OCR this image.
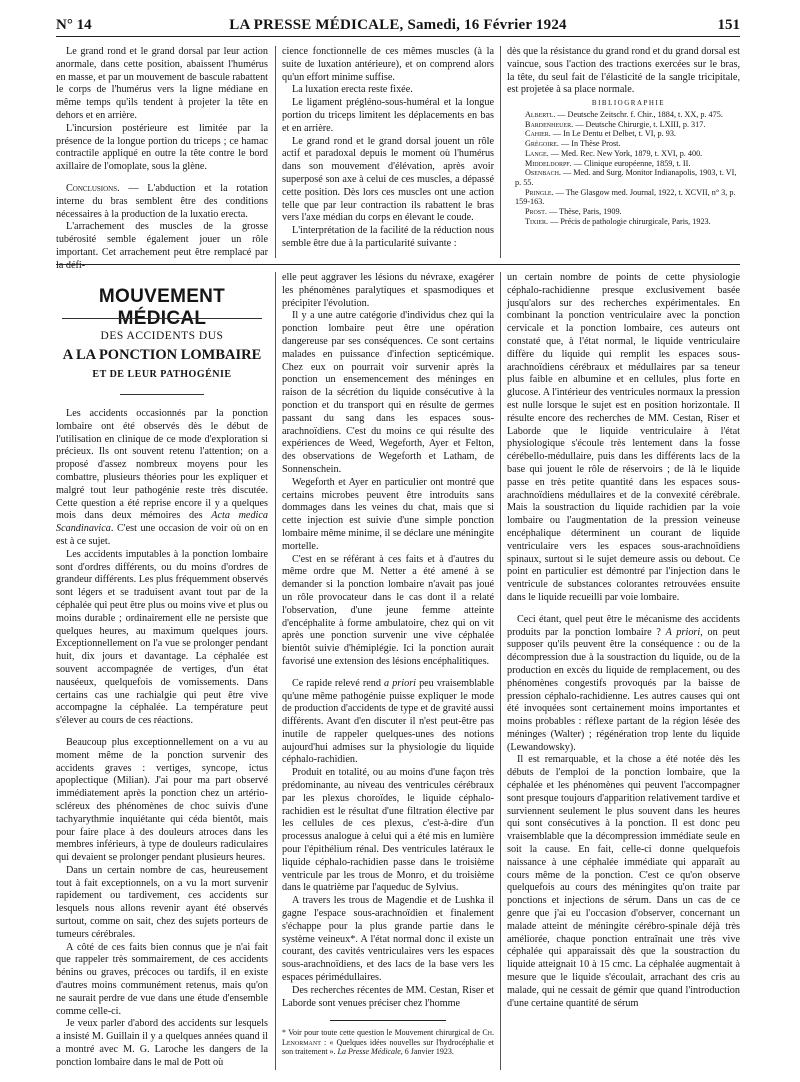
N° 14	LA PRESSE MÉDICALE, Samedi, 16 Février 1924	151

Le grand rond et le grand dorsal par leur action anormale, dans cette position, abaissent l'humérus en masse, et par un mouvement de bascule rabattent le corps de l'humérus vers la ligne médiane en même temps qu'ils tendent à projeter la tête en dehors et en arrière.

L'incursion postérieure est limitée par la présence de la longue portion du triceps ; ce hamac contractile appliqué en outre la tête contre le bord axillaire de l'omoplate, sous la glène.

Conclusions. — L'abduction et la rotation interne du bras semblent être des conditions nécessaires à la production de la luxatio erecta.

L'arrachement des muscles de la grosse tubérosité semble également jouer un rôle important. Cet arrachement peut être remplacé par la défi-

cience fonctionnelle de ces mêmes muscles (à la suite de luxation antérieure), et on comprend alors qu'un effort minime suffise.

La luxation erecta reste fixée.

Le ligament prégléno-sous-huméral et la longue portion du triceps limitent les déplacements en bas et en arrière.

Le grand rond et le grand dorsal jouent un rôle actif et paradoxal depuis le moment où l'humérus dans son mouvement d'élévation, après avoir superposé son axe à celui de ces muscles, a dépassé cette position. Dès lors ces muscles ont une action telle que par leur contraction ils rabattent le bras vers l'axe médian du corps en élevant le coude.

L'interprétation de la facilité de la réduction nous semble être due à la particularité suivante :

dès que la résistance du grand rond et du grand dorsal est vaincue, sous l'action des tractions exercées sur le bras, la tête, du seul fait de l'élasticité de la sangle tricipitale, est projetée à sa place normale.

BIBLIOGRAPHIE

Albertl. — Deutsche Zeitschr. f. Chir., 1884, t. XX, p. 475.

Bardenheuer. — Deutsche Chirurgie, t. LXIII, p. 317.

Cahier. — In Le Dentu et Delbet, t. VI, p. 93.

Grégoire. — In Thèse Prost.

Lange. — Med. Rec. New York, 1879, t. XVI, p. 400.

Middeldorpf. — Clinique européenne, 1859, t. II.

Osenbach. — Med. and Surg. Monitor Indianapolis, 1903, t. VI, p. 55.

Pringle. — The Glasgow med. Journal, 1922, t. XCVII, n° 3, p. 159-163.

Prost. — Thèse, Paris, 1909.

Tixier. — Précis de pathologie chirurgicale, Paris, 1923.

MOUVEMENT MÉDICAL
DES ACCIDENTS DUS
A LA PONCTION LOMBAIRE
ET DE LEUR PATHOGÉNIE

Les accidents occasionnés par la ponction lombaire ont été observés dès le début de l'utilisation en clinique de ce mode d'exploration si précieux. Ils ont souvent retenu l'attention; on a proposé d'assez nombreux moyens pour les combattre, plusieurs théories pour les expliquer et malgré tout leur pathogénie reste très discutée. Cette question a été reprise encore il y a quelques mois dans deux mémoires des Acta medica Scandinavica. C'est une occasion de voir où on en est à ce sujet.

Les accidents imputables à la ponction lombaire sont d'ordres différents, ou du moins d'ordres de grandeur différents. Les plus fréquemment observés sont légers et se traduisent avant tout par de la céphalée qui peut être plus ou moins vive et plus ou moins durable ; ordinairement elle ne persiste que quelques heures, au maximum quelques jours. Exceptionnellement on l'a vue se prolonger pendant huit, dix jours et davantage. La céphalée est souvent accompagnée de vertiges, d'un état nauséeux, quelquefois de vomissements. Dans certains cas une rachialgie qui peut être vive accompagne la céphalée. La température peut s'élever au cours de ces réactions.

Beaucoup plus exceptionnellement on a vu au moment même de la ponction survenir des accidents graves : vertiges, syncope, ictus apoplectique (Milian). J'ai pour ma part observé immédiatement après la ponction chez un artério-scléreux des phénomènes de choc suivis d'une tachyarythmie inquiétante qui céda bientôt, mais pour faire place à des douleurs atroces dans les membres inférieurs, à type de douleurs radiculaires qui devaient se prolonger pendant plusieurs heures.

Dans un certain nombre de cas, heureusement tout à fait exceptionnels, on a vu la mort survenir rapidement ou tardivement, ces accidents sur lesquels nous allons revenir ayant été observés surtout, comme on sait, chez des sujets porteurs de tumeurs cérébrales.

A côté de ces faits bien connus que je n'ai fait que rappeler très sommairement, de ces accidents bénins ou graves, précoces ou tardifs, il en existe d'autres moins communément retenus, mais qu'on ne saurait perdre de vue dans une étude d'ensemble comme celle-ci.

Je veux parler d'abord des accidents sur lesquels a insisté M. Guillain il y a quelques années quand il a montré avec M. G. Laroche les dangers de la ponction lombaire dans le mal de Pott où

elle peut aggraver les lésions du névraxe, exagérer les phénomènes paralytiques et spasmodiques et précipiter l'évolution.

Il y a une autre catégorie d'individus chez qui la ponction lombaire peut être une opération dangereuse par ses conséquences. Ce sont certains malades en puissance d'infection septicémique. Chez eux on pourrait voir survenir après la ponction un ensemencement des méninges en raison de la sécrétion du liquide consécutive à la ponction et du transport qui en résulte de germes passant du sang dans les espaces sous-arachnoïdiens. C'est du moins ce qui résulte des expériences de Weed, Wegeforth, Ayer et Felton, des observations de Wegeforth et Latham, de Sonnenschein.

Wegeforth et Ayer en particulier ont montré que certains microbes peuvent être introduits sans dommages dans les veines du chat, mais que si cette injection est suivie d'une simple ponction lombaire même minime, il se déclare une méningite mortelle.

C'est en se référant à ces faits et à d'autres du même ordre que M. Netter a été amené à se demander si la ponction lombaire n'avait pas joué un rôle provocateur dans le cas dont il a relaté l'observation, d'une jeune femme atteinte d'encéphalite à forme ambulatoire, chez qui on vit après une ponction survenir une vive céphalée bientôt suivie d'hémiplégie. Ici la ponction aurait favorisé une extension des lésions encéphalitiques.

Ce rapide relevé rend a priori peu vraisemblable qu'une même pathogénie puisse expliquer le mode de production d'accidents de type et de gravité aussi différents. Avant d'en discuter il n'est peut-être pas inutile de rappeler quelques-unes des notions aujourd'hui admises sur la physiologie du liquide céphalo-rachidien.

Produit en totalité, ou au moins d'une façon très prédominante, au niveau des ventricules cérébraux par les plexus choroïdes, le liquide céphalo-rachidien est le résultat d'une filtration élective par les cellules de ces plexus, c'est-à-dire d'un processus analogue à celui qui a été mis en lumière pour l'épithélium rénal. Des ventricules latéraux le liquide céphalo-rachidien passe dans le troisième ventricule par les trous de Monro, et du troisième dans le quatrième par l'aqueduc de Sylvius.

A travers les trous de Magendie et de Lushka il gagne l'espace sous-arachnoïdien et finalement s'échappe pour la plus grande partie dans le système veineux*. A l'état normal donc il existe un courant, des cavités ventriculaires vers les espaces sous-arachnoïdiens, et des lacs de la base vers les espaces périmédullaires.

Des recherches récentes de MM. Cestan, Riser et Laborde sont venues préciser chez l'homme

* Voir pour toute cette question le Mouvement chirurgical de Ch. Lenormant : « Quelques idées nouvelles sur l'hydrocéphalie et son traitement ». La Presse Médicale, 6 Janvier 1923.

un certain nombre de points de cette physiologie céphalo-rachidienne presque exclusivement basée jusqu'alors sur des recherches expérimentales. En combinant la ponction ventriculaire avec la ponction cervicale et la ponction lombaire, ces auteurs ont constaté que, à l'état normal, le liquide ventriculaire diffère du liquide qui remplit les espaces sous-arachnoïdiens cérébraux et médullaires par sa teneur plus faible en albumine et en cellules, plus forte en glucose. A l'intérieur des ventricules normaux la pression est nulle lorsque le sujet est en position horizontale. Il résulte encore des recherches de MM. Cestan, Riser et Laborde que le liquide ventriculaire à l'état physiologique s'écoule très lentement dans la fosse cérébello-médullaire, puis dans les différents lacs de la base qui jouent le rôle de réservoirs ; de là le liquide passe en très petite quantité dans les espaces sous-arachnoïdiens médullaires et de la convexité cérébrale. Mais la soustraction du liquide rachidien par la voie lombaire ou l'augmentation de la pression veineuse encéphalique déterminent un courant de liquide ventriculaire vers les espaces sous-arachnoïdiens spinaux, surtout si le sujet demeure assis ou debout. Ce point en particulier est démontré par l'injection dans le ventricule de substances colorantes retrouvées ensuite dans le liquide recueilli par voie lombaire.

Ceci étant, quel peut être le mécanisme des accidents produits par la ponction lombaire ? A priori, on peut supposer qu'ils peuvent être la conséquence : ou de la décompression due à la soustraction du liquide, ou de la production en excès du liquide de remplacement, ou des phénomènes congestifs provoqués par la baisse de pression céphalo-rachidienne. Les autres causes qui ont été invoquées sont certainement moins importantes et moins probables : réflexe partant de la région lésée des méninges (Walter) ; régénération trop lente du liquide (Lewandowsky).

Il est remarquable, et la chose a été notée dès les débuts de l'emploi de la ponction lombaire, que la céphalée et les phénomènes qui peuvent l'accompagner sont presque toujours d'apparition relativement tardive et surviennent seulement le plus souvent dans les heures qui sont consécutives à la ponction. Il est donc peu vraisemblable que la décompression immédiate seule en soit la cause. En fait, celle-ci donne quelquefois naissance à une céphalée immédiate qui apparaît au cours même de la ponction. C'est ce qu'on observe quelquefois au cours des méningites qu'on traite par ponctions et injections de sérum. Dans un cas de ce genre que j'ai eu l'occasion d'observer, concernant un malade atteint de méningite cérébro-spinale déjà très améliorée, chaque ponction entraînait une très vive céphalée qui apparaissait dès que la soustraction du liquide atteignait 10 à 15 cmc. La céphalée augmentait à mesure que le liquide s'écoulait, arrachant des cris au malade, qui ne cessait de gémir que quand l'introduction d'une certaine quantité de sérum
